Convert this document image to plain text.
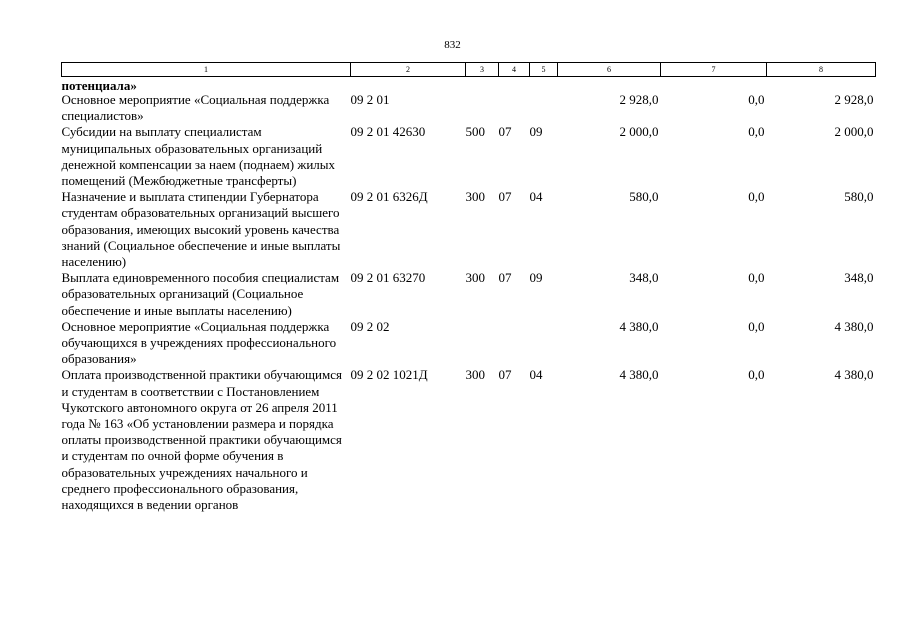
832
1	2	3	4	5	6	7	8
потенциала»							
Основное мероприятие «Социальная поддержка специалистов»	09 2 01				2 928,0	0,0	2 928,0
Субсидии на выплату специалистам муниципальных образовательных организаций денежной компенсации за наем (поднаем) жилых помещений (Межбюджетные трансферты)	09 2 01 42630	500	07	09	2 000,0	0,0	2 000,0
Назначение и выплата стипендии Губернатора студентам образовательных организаций высшего образования, имеющих высокий уровень качества знаний (Социальное обеспечение и иные выплаты населению)	09 2 01 6326Д	300	07	04	580,0	0,0	580,0
Выплата единовременного пособия специалистам образовательных организаций (Социальное обеспечение и иные выплаты населению)	09 2 01 63270	300	07	09	348,0	0,0	348,0
Основное мероприятие «Социальная поддержка обучающихся в учреждениях профессионального образования»	09 2 02				4 380,0	0,0	4 380,0
Оплата производственной практики обучающимся и студентам в соответствии с Постановлением Чукотского автономного округа от 26 апреля 2011 года № 163 «Об установлении размера и порядка оплаты производственной практики обучающимся и студентам по очной форме обучения в образовательных учреждениях начального и среднего профессионального образования, находящихся в ведении органов	09 2 02 1021Д	300	07	04	4 380,0	0,0	4 380,0
